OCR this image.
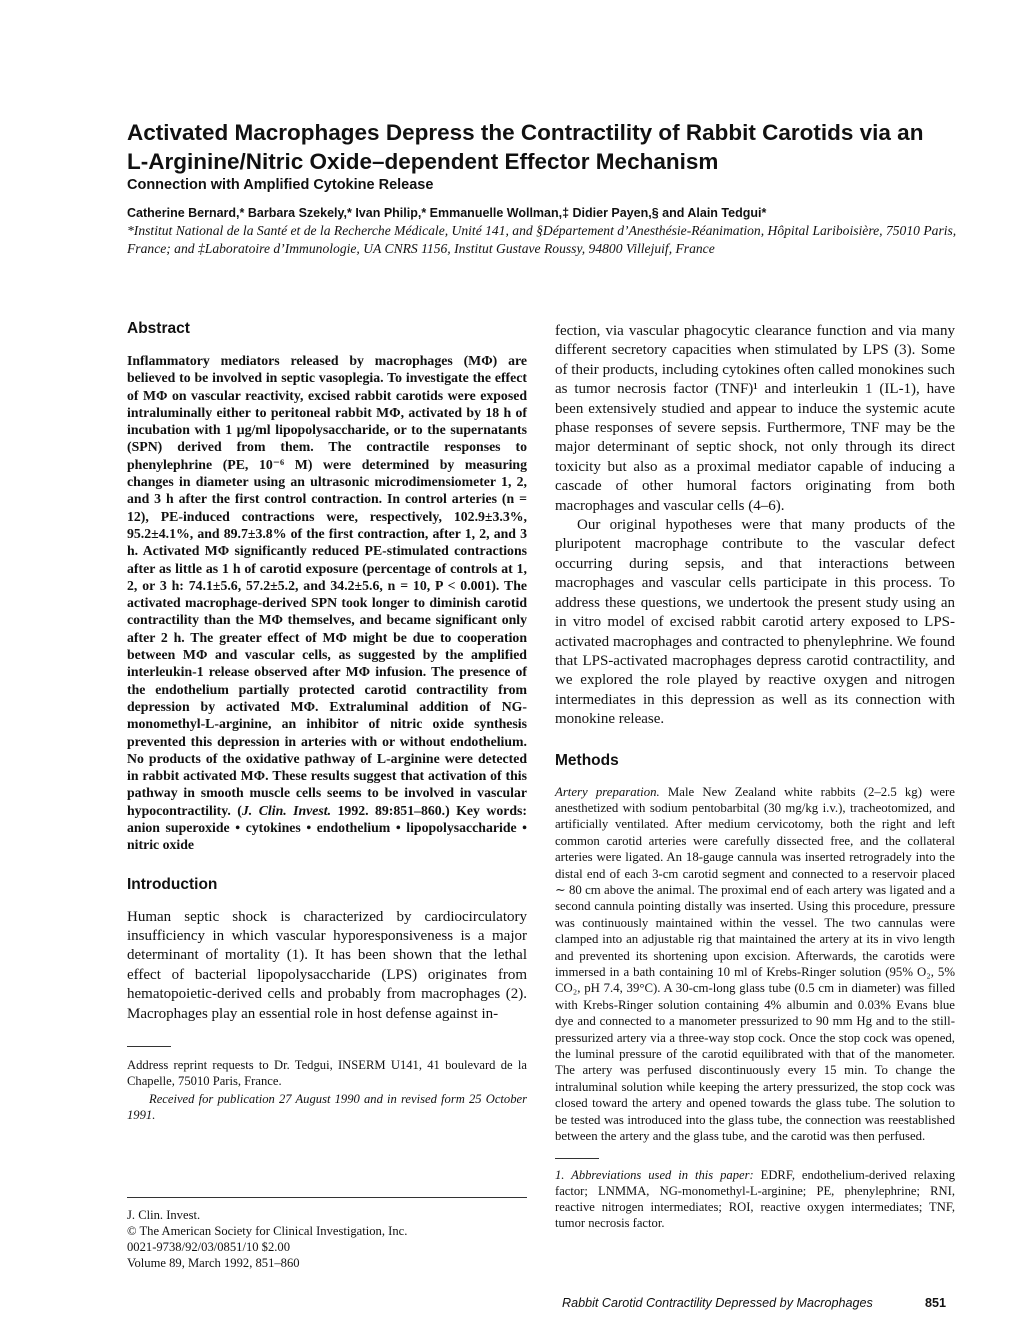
Activated Macrophages Depress the Contractility of Rabbit Carotids via an L-Arginine/Nitric Oxide–dependent Effector Mechanism
Connection with Amplified Cytokine Release
Catherine Bernard,* Barbara Szekely,* Ivan Philip,* Emmanuelle Wollman,‡ Didier Payen,§ and Alain Tedgui*
*Institut National de la Santé et de la Recherche Médicale, Unité 141, and §Département d’Anesthésie-Réanimation, Hôpital Lariboisière, 75010 Paris, France; and ‡Laboratoire d’Immunologie, UA CNRS 1156, Institut Gustave Roussy, 94800 Villejuif, France
Abstract

Inflammatory mediators released by macrophages (MΦ) are believed to be involved in septic vasoplegia. To investigate the effect of MΦ on vascular reactivity, excised rabbit carotids were exposed intraluminally either to peritoneal rabbit MΦ, activated by 18 h of incubation with 1 μg/ml lipopolysaccharide, or to the supernatants (SPN) derived from them. The contractile responses to phenylephrine (PE, 10⁻⁶ M) were determined by measuring changes in diameter using an ultrasonic microdimensiometer 1, 2, and 3 h after the first control contraction. In control arteries (n = 12), PE-induced contractions were, respectively, 102.9±3.3%, 95.2±4.1%, and 89.7±3.8% of the first contraction, after 1, 2, and 3 h. Activated MΦ significantly reduced PE-stimulated contractions after as little as 1 h of carotid exposure (percentage of controls at 1, 2, or 3 h: 74.1±5.6, 57.2±5.2, and 34.2±5.6, n = 10, P < 0.001). The activated macrophage-derived SPN took longer to diminish carotid contractility than the MΦ themselves, and became significant only after 2 h. The greater effect of MΦ might be due to cooperation between MΦ and vascular cells, as suggested by the amplified interleukin-1 release observed after MΦ infusion. The presence of the endothelium partially protected carotid contractility from depression by activated MΦ. Extraluminal addition of NG-monomethyl-L-arginine, an inhibitor of nitric oxide synthesis prevented this depression in arteries with or without endothelium. No products of the oxidative pathway of L-arginine were detected in rabbit activated MΦ. These results suggest that activation of this pathway in smooth muscle cells seems to be involved in vascular hypocontractility. (J. Clin. Invest. 1992. 89:851–860.) Key words: anion superoxide • cytokines • endothelium • lipopolysaccharide • nitric oxide

Introduction

Human septic shock is characterized by cardiocirculatory insufficiency in which vascular hyporesponsiveness is a major determinant of mortality (1). It has been shown that the lethal effect of bacterial lipopolysaccharide (LPS) originates from hematopoietic-derived cells and probably from macrophages (2). Macrophages play an essential role in host defense against in-

Address reprint requests to Dr. Tedgui, INSERM U141, 41 boulevard de la Chapelle, 75010 Paris, France.

Received for publication 27 August 1990 and in revised form 25 October 1991.

J. Clin. Invest.
© The American Society for Clinical Investigation, Inc.
0021-9738/92/03/0851/10 $2.00
Volume 89, March 1992, 851–860

fection, via vascular phagocytic clearance function and via many different secretory capacities when stimulated by LPS (3). Some of their products, including cytokines often called monokines such as tumor necrosis factor (TNF)¹ and interleukin 1 (IL-1), have been extensively studied and appear to induce the systemic acute phase responses of severe sepsis. Furthermore, TNF may be the major determinant of septic shock, not only through its direct toxicity but also as a proximal mediator capable of inducing a cascade of other humoral factors originating from both macrophages and vascular cells (4–6).

Our original hypotheses were that many products of the pluripotent macrophage contribute to the vascular defect occurring during sepsis, and that interactions between macrophages and vascular cells participate in this process. To address these questions, we undertook the present study using an in vitro model of excised rabbit carotid artery exposed to LPS-activated macrophages and contracted to phenylephrine. We found that LPS-activated macrophages depress carotid contractility, and we explored the role played by reactive oxygen and nitrogen intermediates in this depression as well as its connection with monokine release.

Methods

Artery preparation. Male New Zealand white rabbits (2–2.5 kg) were anesthetized with sodium pentobarbital (30 mg/kg i.v.), tracheotomized, and artificially ventilated. After medium cervicotomy, both the right and left common carotid arteries were carefully dissected free, and the collateral arteries were ligated. An 18-gauge cannula was inserted retrogradely into the distal end of each 3-cm carotid segment and connected to a reservoir placed ∼ 80 cm above the animal. The proximal end of each artery was ligated and a second cannula pointing distally was inserted. Using this procedure, pressure was continuously maintained within the vessel. The two cannulas were clamped into an adjustable rig that maintained the artery at its in vivo length and prevented its shortening upon excision. Afterwards, the carotids were immersed in a bath containing 10 ml of Krebs-Ringer solution (95% O₂, 5% CO₂, pH 7.4, 39°C). A 30-cm-long glass tube (0.5 cm in diameter) was filled with Krebs-Ringer solution containing 4% albumin and 0.03% Evans blue dye and connected to a manometer pressurized to 90 mm Hg and to the still-pressurized artery via a three-way stop cock. Once the stop cock was opened, the luminal pressure of the carotid equilibrated with that of the manometer. The artery was perfused discontinuously every 15 min. To change the intraluminal solution while keeping the artery pressurized, the stop cock was closed toward the artery and opened towards the glass tube. The solution to be tested was introduced into the glass tube, the connection was reestablished between the artery and the glass tube, and the carotid was then perfused.

1. Abbreviations used in this paper: EDRF, endothelium-derived relaxing factor; LNMMA, NG-monomethyl-L-arginine; PE, phenylephrine; RNI, reactive nitrogen intermediates; ROI, reactive oxygen intermediates; TNF, tumor necrosis factor.

Rabbit Carotid Contractility Depressed by Macrophages	851
